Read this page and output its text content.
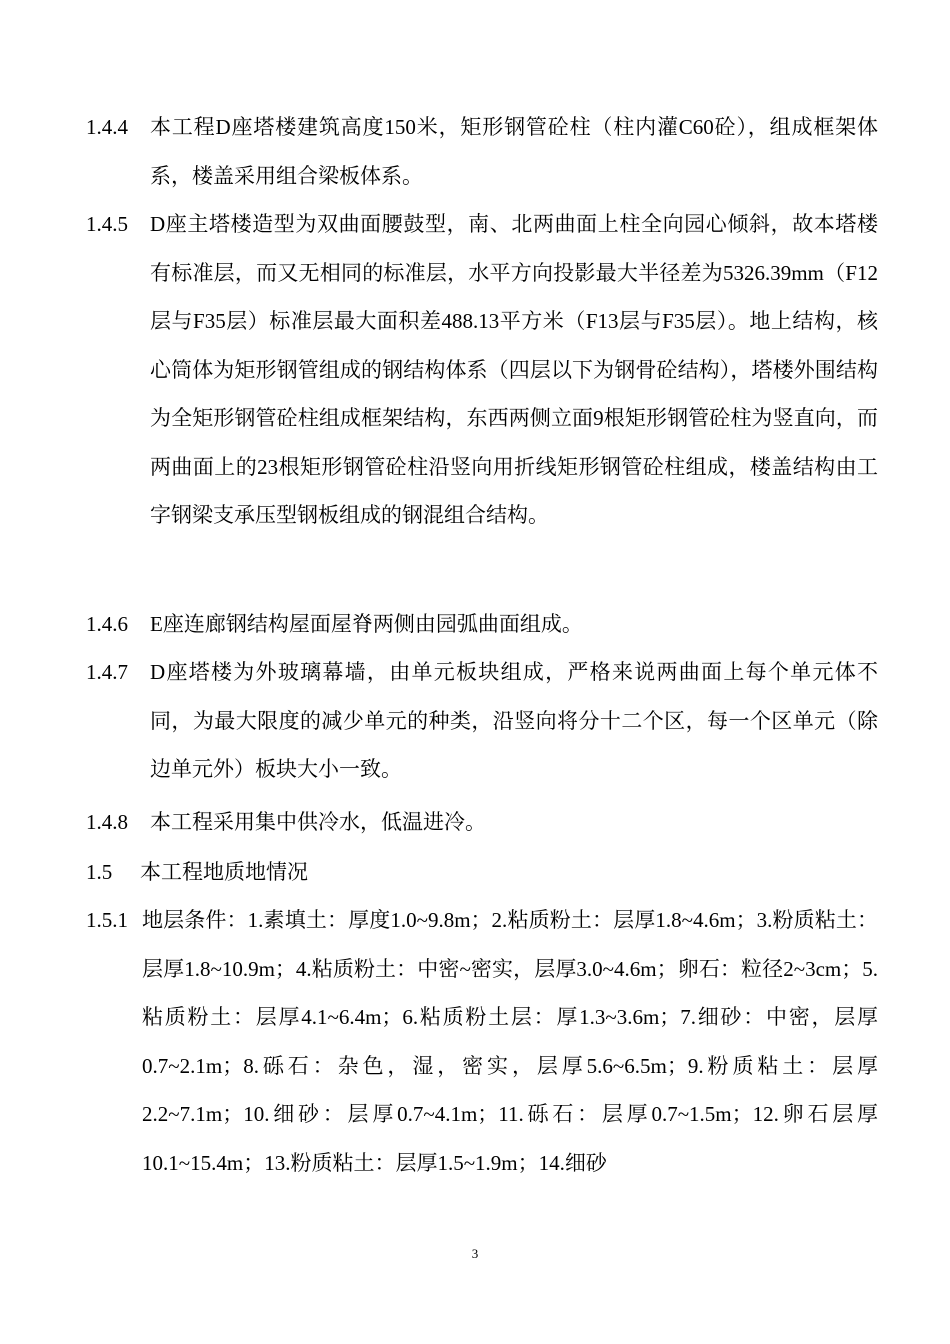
1.4.4 本工程D座塔楼建筑高度150米，矩形钢管砼柱（柱内灌C60砼），组成框架体系，楼盖采用组合梁板体系。
1.4.5 D座主塔楼造型为双曲面腰鼓型，南、北两曲面上柱全向园心倾斜，故本塔楼有标准层，而又无相同的标准层，水平方向投影最大半径差为5326.39mm（F12层与F35层）标准层最大面积差488.13平方米（F13层与F35层）。地上结构，核心筒体为矩形钢管组成的钢结构体系（四层以下为钢骨砼结构），塔楼外围结构为全矩形钢管砼柱组成框架结构，东西两侧立面9根矩形钢管砼柱为竖直向，而两曲面上的23根矩形钢管砼柱沿竖向用折线矩形钢管砼柱组成，楼盖结构由工字钢梁支承压型钢板组成的钢混组合结构。
1.4.6 E座连廊钢结构屋面屋脊两侧由园弧曲面组成。
1.4.7 D座塔楼为外玻璃幕墙，由单元板块组成，严格来说两曲面上每个单元体不同，为最大限度的减少单元的种类，沿竖向将分十二个区，每一个区单元（除边单元外）板块大小一致。
1.4.8 本工程采用集中供冷水，低温进冷。
1.5 本工程地质地情况
1.5.1 地层条件：1.素填土：厚度1.0~9.8m；2.粘质粉土：层厚1.8~4.6m；3.粉质粘土：层厚1.8~10.9m；4.粘质粉土：中密~密实，层厚3.0~4.6m；卵石：粒径2~3cm；5.粘质粉土：层厚4.1~6.4m；6.粘质粉土层：厚1.3~3.6m；7.细砂：中密，层厚0.7~2.1m；8.砾石：杂色，湿，密实，层厚5.6~6.5m；9.粉质粘土：层厚2.2~7.1m；10.细砂：层厚0.7~4.1m；11.砾石：层厚0.7~1.5m；12.卵石层厚10.1~15.4m；13.粉质粘土：层厚1.5~1.9m；14.细砂
3
